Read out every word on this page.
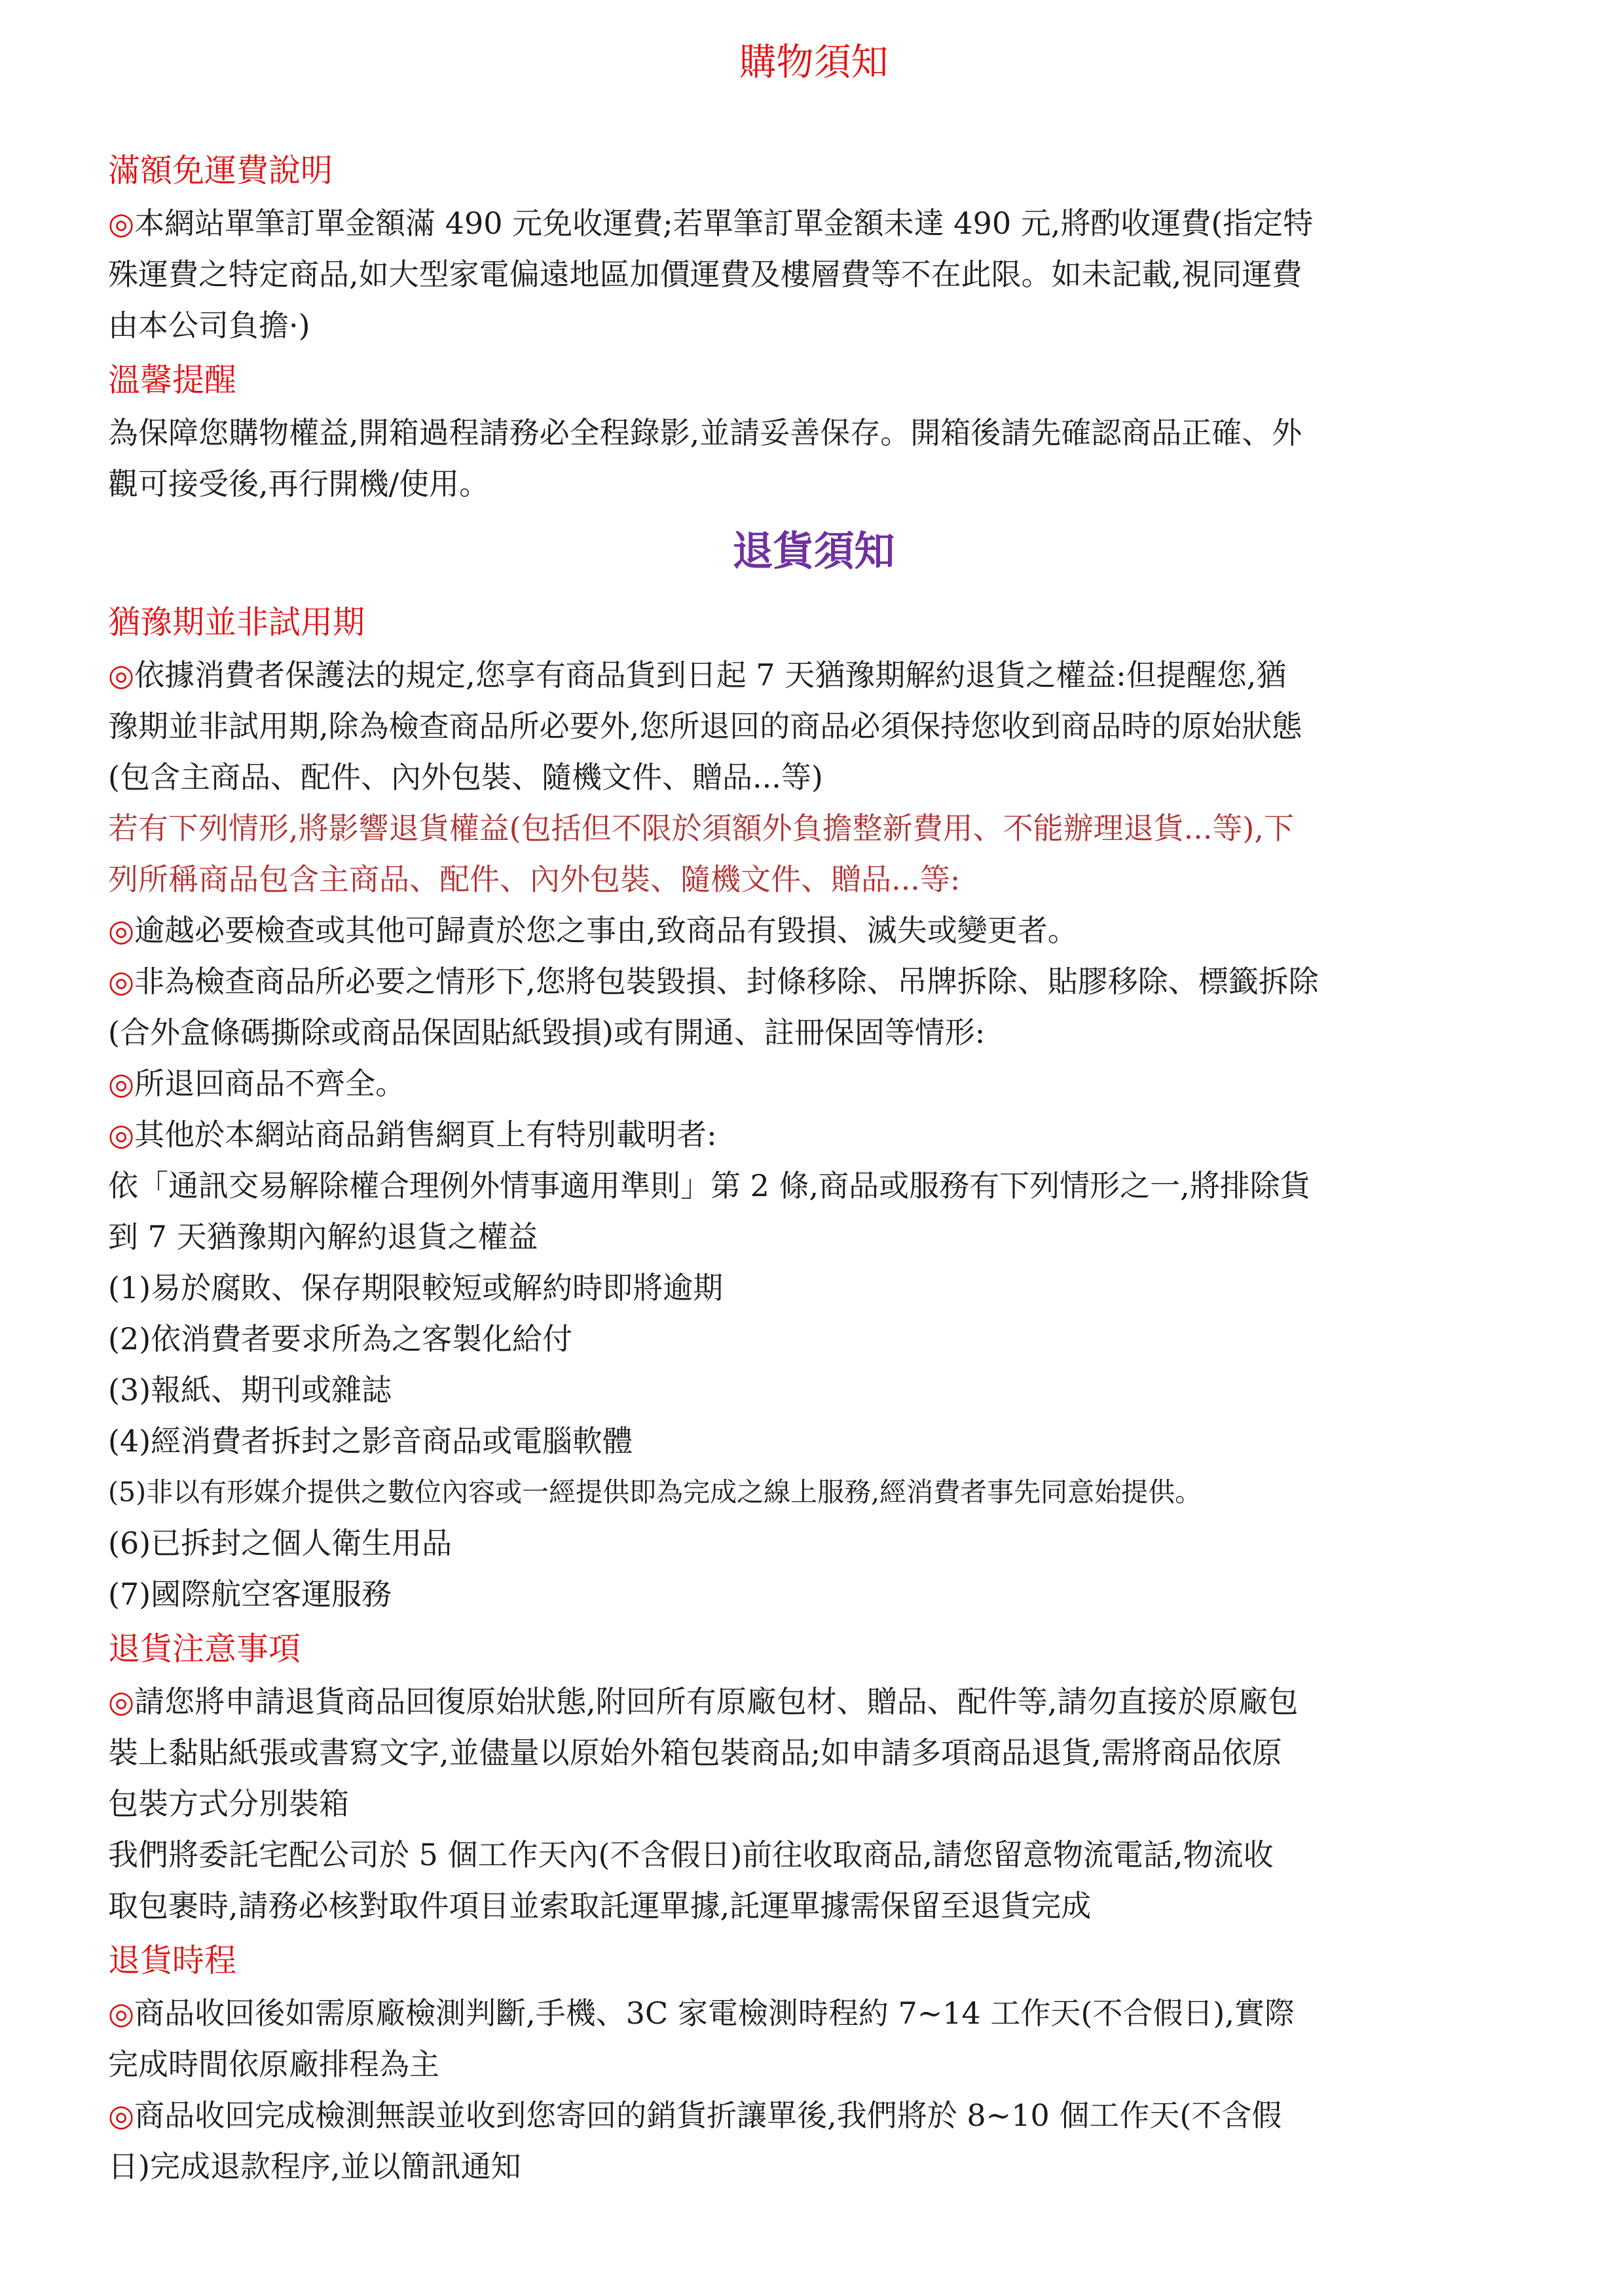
購物須知
滿額免運費說明
◎本網站單筆訂單金額滿 490 元免收運費;若單筆訂單金額未達 490 元,將酌收運費(指定特
殊運費之特定商品,如大型家電偏遠地區加價運費及樓層費等不在此限。如未記載,視同運費
由本公司負擔·)
溫馨提醒
為保障您購物權益,開箱過程請務必全程錄影,並請妥善保存。開箱後請先確認商品正確、外
觀可接受後,再行開機/使用。
退貨須知
猶豫期並非試用期
◎依據消費者保護法的規定,您享有商品貨到日起 7 天猶豫期解約退貨之權益:但提醒您,猶
豫期並非試用期,除為檢查商品所必要外,您所退回的商品必須保持您收到商品時的原始狀態
(包含主商品、配件、內外包裝、隨機文件、贈品...等)
若有下列情形,將影響退貨權益(包括但不限於須額外負擔整新費用、不能辦理退貨...等),下
列所稱商品包含主商品、配件、內外包裝、隨機文件、贈品...等:
◎逾越必要檢查或其他可歸責於您之事由,致商品有毀損、滅失或變更者。
◎非為檢查商品所必要之情形下,您將包裝毀損、封條移除、吊牌拆除、貼膠移除、標籤拆除
(合外盒條碼撕除或商品保固貼紙毀損)或有開通、註冊保固等情形:
◎所退回商品不齊全。
◎其他於本網站商品銷售網頁上有特別載明者:
依「通訊交易解除權合理例外情事適用準則」第 2 條,商品或服務有下列情形之一,將排除貨
到 7 天猶豫期內解約退貨之權益
(1)易於腐敗、保存期限較短或解約時即將逾期
(2)依消費者要求所為之客製化給付
(3)報紙、期刊或雜誌
(4)經消費者拆封之影音商品或電腦軟體
(5)非以有形媒介提供之數位內容或一經提供即為完成之線上服務,經消費者事先同意始提供。
(6)已拆封之個人衛生用品
(7)國際航空客運服務
退貨注意事項
◎請您將申請退貨商品回復原始狀態,附回所有原廠包材、贈品、配件等,請勿直接於原廠包
裝上黏貼紙張或書寫文字,並儘量以原始外箱包裝商品;如申請多項商品退貨,需將商品依原
包裝方式分別裝箱
我們將委託宅配公司於 5 個工作天內(不含假日)前往收取商品,請您留意物流電話,物流收
取包裹時,請務必核對取件項目並索取託運單據,託運單據需保留至退貨完成
退貨時程
◎商品收回後如需原廠檢測判斷,手機、3C 家電檢測時程約 7~14 工作天(不合假日),實際
完成時間依原廠排程為主
◎商品收回完成檢測無誤並收到您寄回的銷貨折讓單後,我們將於 8~10 個工作天(不含假
日)完成退款程序,並以簡訊通知
